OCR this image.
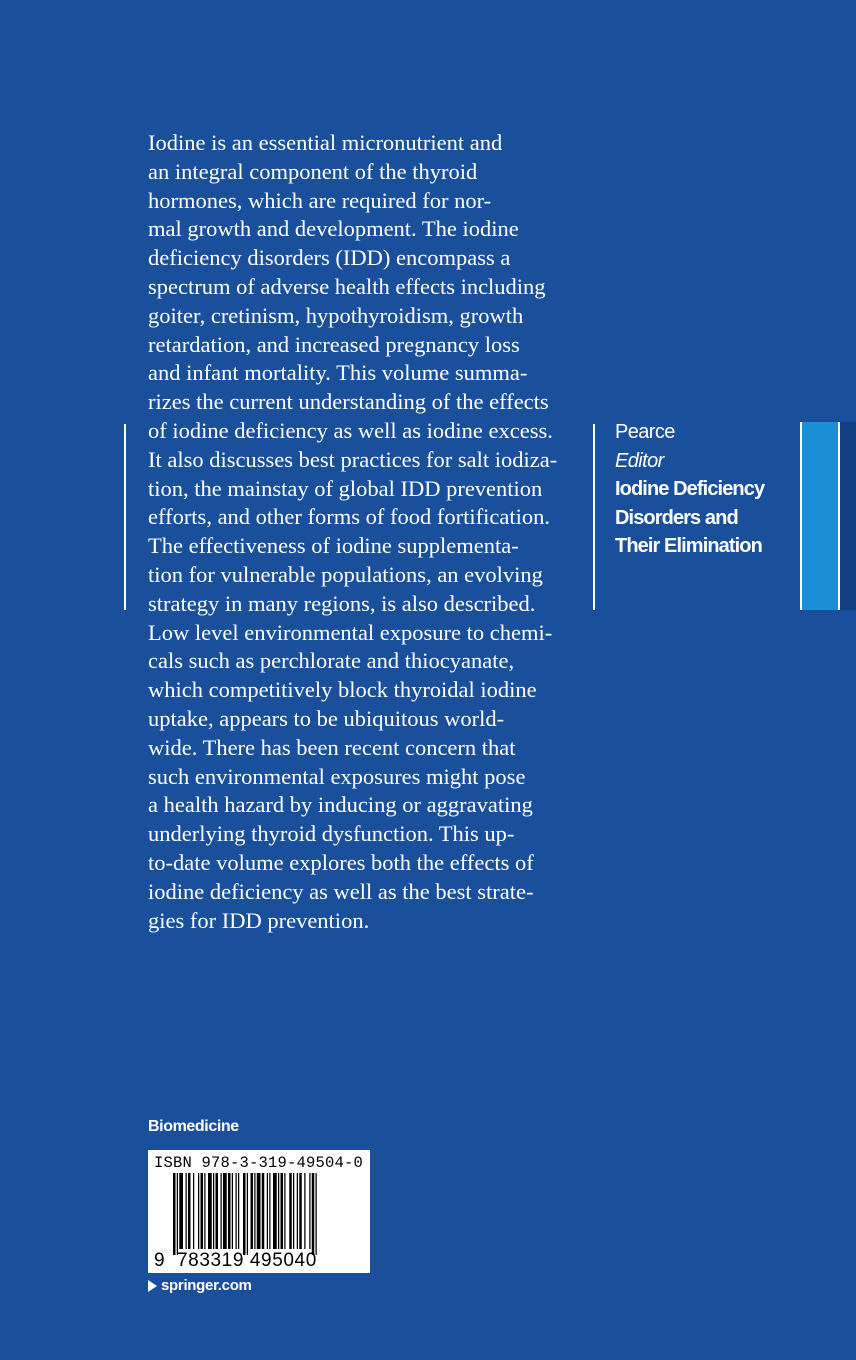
Iodine is an essential micronutrient and
an integral component of the thyroid
hormones, which are required for nor-
mal growth and development. The iodine
deficiency disorders (IDD) encompass a
spectrum of adverse health effects including
goiter, cretinism, hypothyroidism, growth
retardation, and increased pregnancy loss
and infant mortality. This volume summa-
rizes the current understanding of the effects
of iodine deficiency as well as iodine excess.
It also discusses best practices for salt iodiza-
tion, the mainstay of global IDD prevention
efforts, and other forms of food fortification.
The effectiveness of iodine supplementa-
tion for vulnerable populations, an evolving
strategy in many regions, is also described.
Low level environmental exposure to chemi-
cals such as perchlorate and thiocyanate,
which competitively block thyroidal iodine
uptake, appears to be ubiquitous world-
wide. There has been recent concern that
such environmental exposures might pose
a health hazard by inducing or aggravating
underlying thyroid dysfunction. This up-
to-date volume explores both the effects of
iodine deficiency as well as the best strate-
gies for IDD prevention.
Pearce
Editor
Iodine Deficiency
Disorders and
Their Elimination
Biomedicine
ISBN 978-3-319-49504-0
9 783319 495040
springer.com
